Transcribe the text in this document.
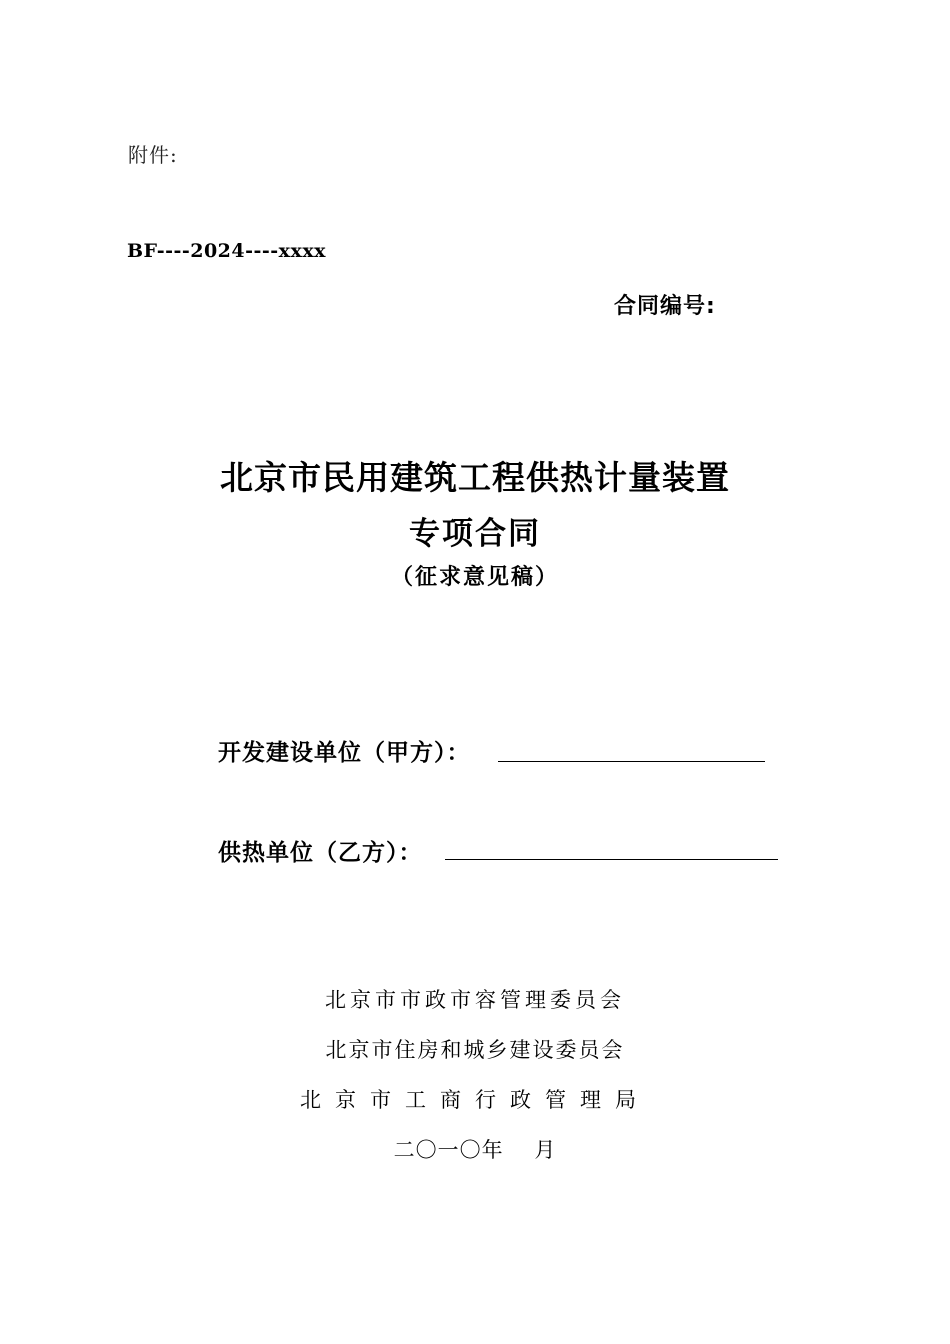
附件:
BF----2024----xxxx
合同编号:
北京市民用建筑工程供热计量装置
专项合同
（征求意见稿）
开发建设单位（甲方）：
供热单位（乙方）：
北京市市政市容管理委员会
北京市住房和城乡建设委员会
北京市工商行政管理局
二〇一〇年    月
